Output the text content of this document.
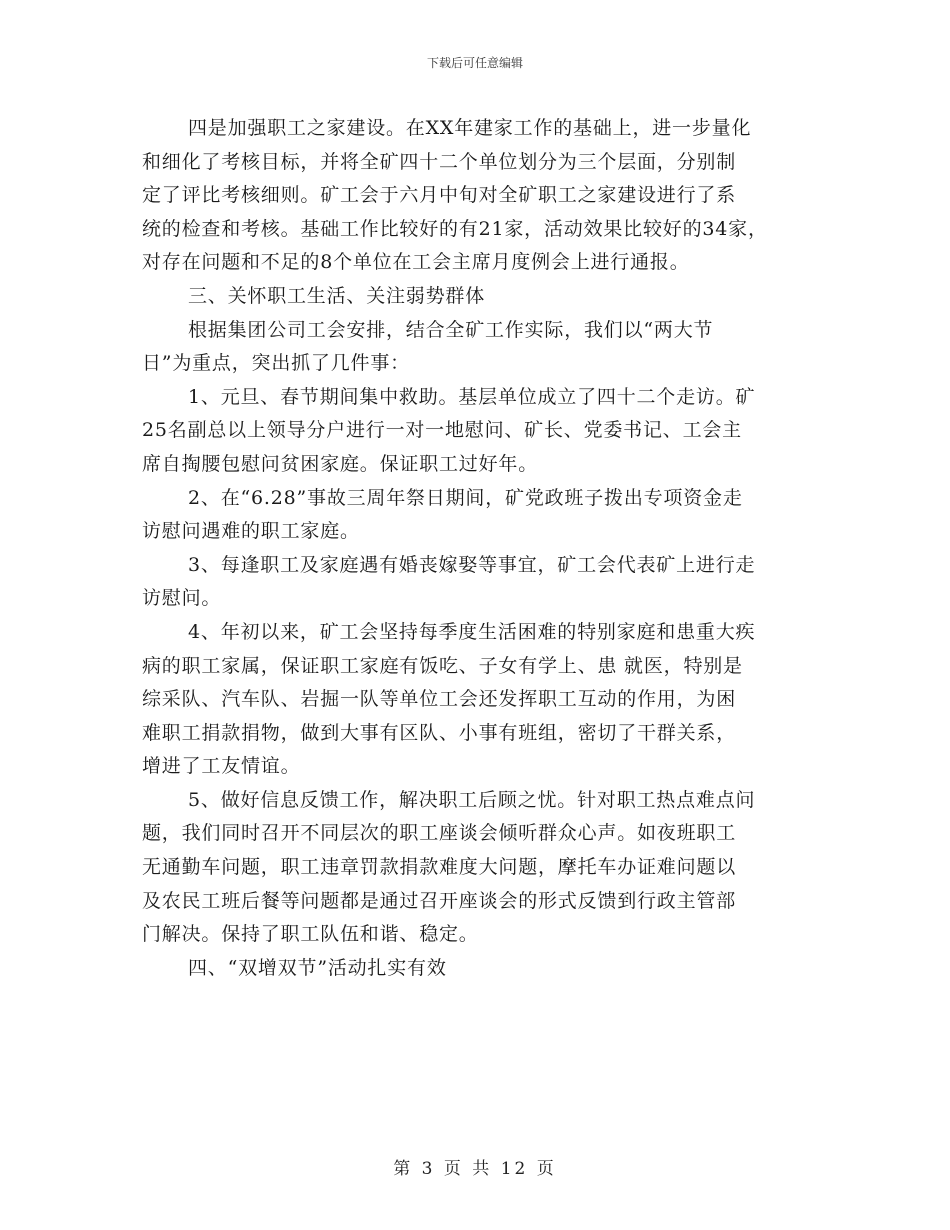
下载后可任意编辑
四是加强职工之家建设。在XX年建家工作的基础上，进一步量化
和细化了考核目标，并将全矿四十二个单位划分为三个层面，分别制
定了评比考核细则。矿工会于六月中旬对全矿职工之家建设进行了系
统的检查和考核。基础工作比较好的有21家，活动效果比较好的34家，
对存在问题和不足的8个单位在工会主席月度例会上进行通报。
三、关怀职工生活、关注弱势群体
根据集团公司工会安排，结合全矿工作实际，我们以“两大节
日”为重点，突出抓了几件事：
1、元旦、春节期间集中救助。基层单位成立了四十二个走访。矿
25名副总以上领导分户进行一对一地慰问、矿长、党委书记、工会主
席自掏腰包慰问贫困家庭。保证职工过好年。
2、在“6.28”事故三周年祭日期间，矿党政班子拨出专项资金走
访慰问遇难的职工家庭。
3、每逢职工及家庭遇有婚丧嫁娶等事宜，矿工会代表矿上进行走
访慰问。
4、年初以来，矿工会坚持每季度生活困难的特别家庭和患重大疾
病的职工家属，保证职工家庭有饭吃、子女有学上、患 就医，特别是
综采队、汽车队、岩掘一队等单位工会还发挥职工互动的作用，为困
难职工捐款捐物，做到大事有区队、小事有班组，密切了干群关系，
增进了工友情谊。
5、做好信息反馈工作，解决职工后顾之忧。针对职工热点难点问
题，我们同时召开不同层次的职工座谈会倾听群众心声。如夜班职工
无通勤车问题，职工违章罚款捐款难度大问题，摩托车办证难问题以
及农民工班后餐等问题都是通过召开座谈会的形式反馈到行政主管部
门解决。保持了职工队伍和谐、稳定。
四、“双增双节”活动扎实有效
第 3 页 共 12 页
